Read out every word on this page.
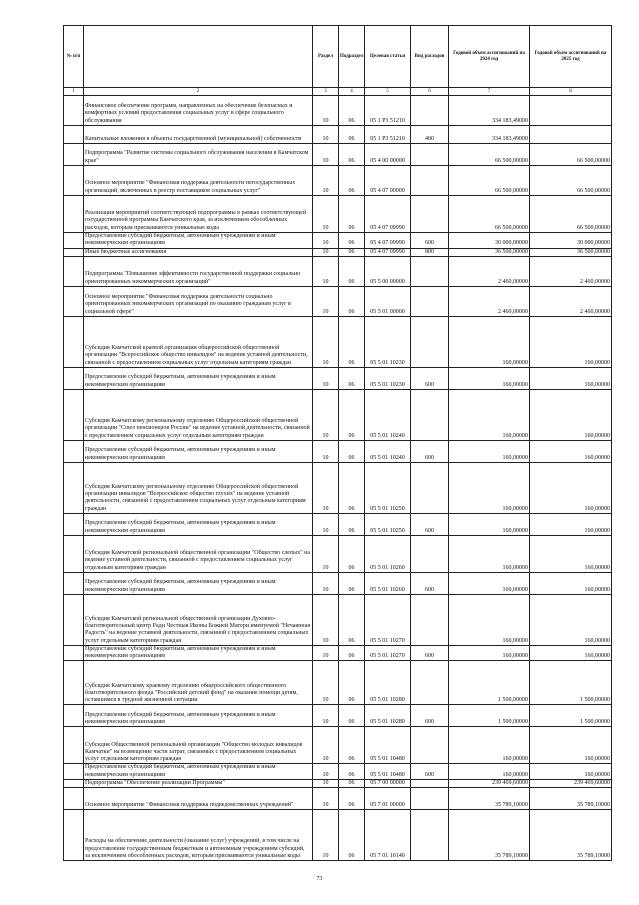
№ п/п		Раздел	Подраздел	Целевая статья	Вид расходов	Годовой объем ассигнований на 2024 год	Годовой объем ассигнований на 2025 год
1	2	3	4	5	6	7	8
	Финансовое обеспечение программ, направленных на обеспечение безопасных и комфортных условий предоставления социальных услуг в сфере социального обслуживания	10	06	05 1 Р3 51210		334 183,49000	
	Капитальные вложения в объекты государственной (муниципальной) собственности	10	06	05 1 Р3 51210	400	334 183,49000	
	Подпрограмма "Развитие системы социального обслуживания населения в Камчатском крае"	10	06	05 4 00 00000		66 500,00000	66 500,00000
	Основное мероприятие "Финансовая поддержка деятельности негосударственных организаций, включенных в реестр поставщиков социальных услуг"	10	06	05 4 07 00000		66 500,00000	66 500,00000
	Реализация мероприятий соответствующей подпрограммы в рамках соответствующей государственной программы Камчатского края, за исключением обособленных расходов, которым присваиваются уникальные коды	10	06	05 4 07 09990		66 500,00000	66 500,00000
	Предоставление субсидий бюджетным, автономным учреждениям и иным некоммерческим организациям	10	06	05 4 07 09990	600	30 000,00000	30 000,00000
	Иные бюджетные ассигнования	10	06	05 4 07 09990	800	36 500,00000	36 500,00000
	Подпрограмма "Повышение эффективности государственной поддержки социально ориентированных некоммерческих организаций"	10	06	05 5 00 00000		2 460,00000	2 460,00000
	Основное мероприятие "Финансовая поддержка деятельности социально ориентированных некоммерческих организаций по оказанию гражданам услуг в социальной сфере"	10	06	05 5 01 00000		2 460,00000	2 460,00000
	Субсидия Камчатской краевой организации общероссийской общественной организации "Всероссийское общество инвалидов" на ведение уставной деятельности, связанной с предоставлением социальных услуг отдельным категориям граждан	10	06	05 5 01 10230		160,00000	160,00000
	Предоставление субсидий бюджетным, автономным учреждениям и иным некоммерческим организациям	10	06	05 5 01 10230	600	160,00000	160,00000
	Субсидия Камчатскому региональному отделению Общероссийской общественной организации "Союз пенсионеров России" на ведение уставной деятельности, связанной с предоставлением социальных услуг отдельным категориям граждан	10	06	05 5 01 10240		160,00000	160,00000
	Предоставление субсидий бюджетным, автономным учреждениям и иным некоммерческим организациям	10	06	05 5 01 10240	600	160,00000	160,00000
	Субсидия Камчатскому региональному отделению Общероссийской общественной организации инвалидов "Всероссийское общество глухих" на ведение уставной деятельности, связанной с предоставлением социальных услуг отдельным категориям граждан	10	06	05 5 01 10250		160,00000	160,00000
	Предоставление субсидий бюджетным, автономным учреждениям и иным некоммерческим организациям	10	06	05 5 01 10250	600	160,00000	160,00000
	Субсидия Камчатской региональной общественной организации "Общество слепых" на ведение уставной деятельности, связанной с предоставлением социальных услуг отдельным категориям граждан	10	06	05 5 01 10260		160,00000	160,00000
	Предоставление субсидий бюджетным, автономным учреждениям и иным некоммерческим организациям	10	06	05 5 01 10260	600	160,00000	160,00000
	Субсидия Камчатской региональной общественной организации Духовно-благотворительный центр Ради Честныя Иконы Божией Матери именуемой "Нечаянная Радость" на ведение уставной деятельности, связанной с предоставлением социальных услуг отдельным категориям граждан	10	06	05 5 01 10270		160,00000	160,00000
	Предоставление субсидий бюджетным, автономным учреждениям и иным некоммерческим организациям	10	06	05 5 01 10270	600	160,00000	160,00000
	Субсидия Камчатскому краевому отделению общероссийского общественного благотворительного фонда "Российский детский фонд" на оказание помощи детям, оставшимся в трудной жизненной ситуации	10	06	05 5 01 10280		1 500,00000	1 500,00000
	Предоставление субсидий бюджетным, автономным учреждениям и иным некоммерческим организациям	10	06	05 5 01 10280	600	1 500,00000	1 500,00000
	Субсидия Общественной региональной организации "Общество молодых инвалидов Камчатки" на возмещение части затрат, связанных с предоставлением социальных услуг отдельным категориям граждан	10	06	05 5 01 10480		160,00000	160,00000
	Предоставление субсидий бюджетным, автономным учреждениям и иным некоммерческим организациям	10	06	05 5 01 10480	600	160,00000	160,00000
	Подпрограмма "Обеспечение реализации Программы"	10	06	05 7 00 00000		239 469,60000	239 469,60000
	Основное мероприятие "Финансовая поддержка подведомственных учреждений"	10	06	05 7 01 00000		35 789,10000	35 789,10000
	Расходы на обеспечение деятельности (оказание услуг) учреждений, в том числе на предоставление государственным бюджетным и автономным учреждениям субсидий, за исключением обособленных расходов, которым присваиваются уникальные коды	10	06	05 7 01 10140		35 789,10000	35 789,10000
73
